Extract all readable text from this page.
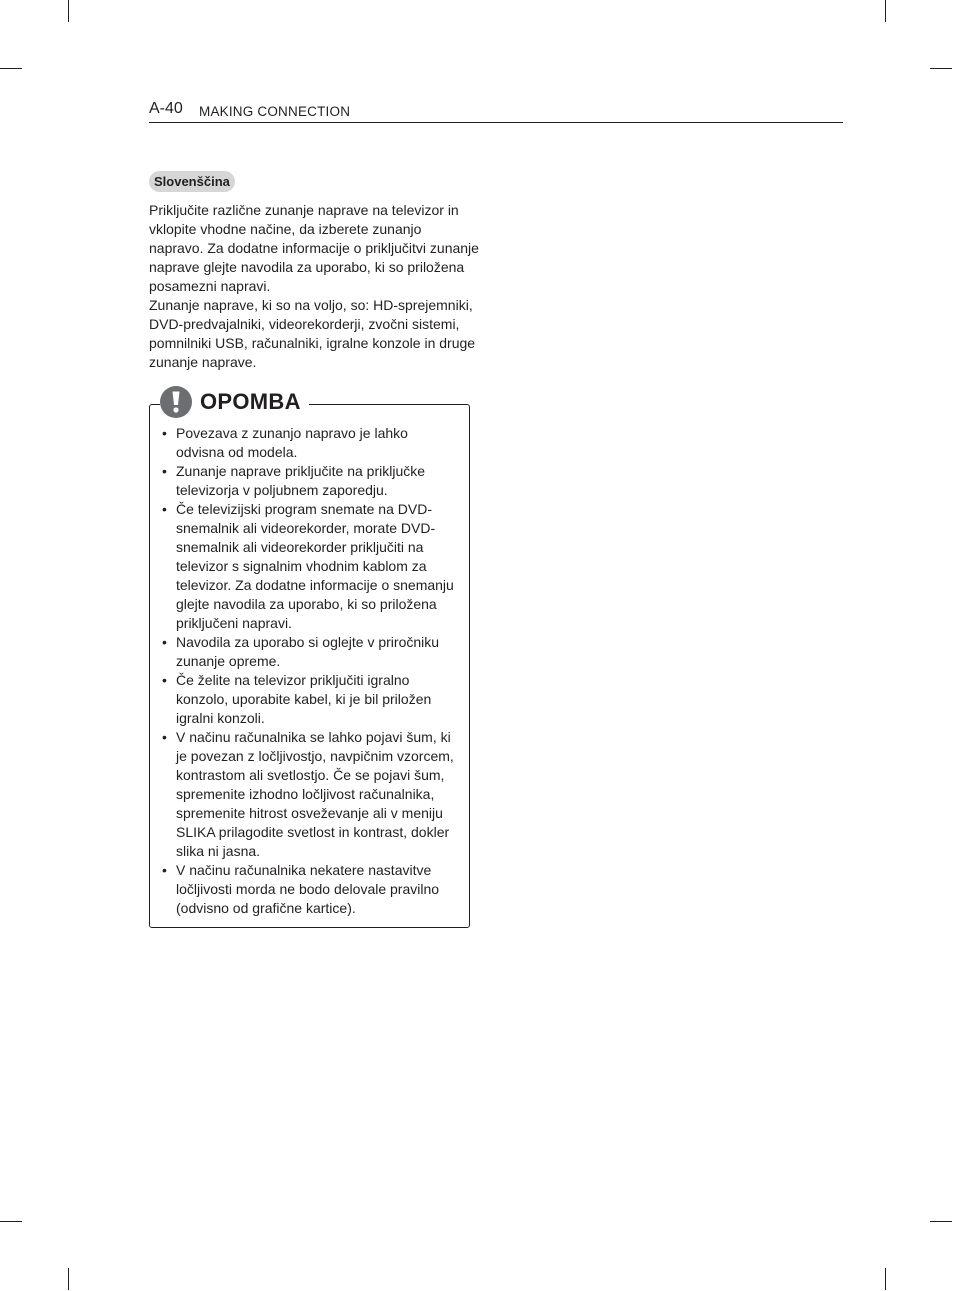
A-40 MAKING CONNECTION
Slovenščina

Priključite različne zunanje naprave na televizor in vklopite vhodne načine, da izberete zunanjo napravo. Za dodatne informacije o priključitvi zunanje naprave glejte navodila za uporabo, ki so priložena posamezni napravi.

Zunanje naprave, ki so na voljo, so: HD-sprejemniki, DVD-predvajalniki, videorekorderji, zvočni sistemi, pomnilniki USB, računalniki, igralne konzole in druge zunanje naprave.

OPOMBA
• Povezava z zunanjo napravo je lahko odvisna od modela.
• Zunanje naprave priključite na priključke televizorja v poljubnem zaporedju.
• Če televizijski program snemate na DVD-snemalnik ali videorekorder, morate DVD-snemalnik ali videorekorder priključiti na televizor s signalnim vhodnim kablom za televizor. Za dodatne informacije o snemanju glejte navodila za uporabo, ki so priložena priključeni napravi.
• Navodila za uporabo si oglejte v priročniku zunanje opreme.
• Če želite na televizor priključiti igralno konzolo, uporabite kabel, ki je bil priložen igralni konzoli.
• V načinu računalnika se lahko pojavi šum, ki je povezan z ločljivostjo, navpičnim vzorcem, kontrastom ali svetlostjo. Če se pojavi šum, spremenite izhodno ločljivost računalnika, spremenite hitrost osveževanje ali v meniju SLIKA prilagodite svetlost in kontrast, dokler slika ni jasna.
• V načinu računalnika nekatere nastavitve ločljivosti morda ne bodo delovale pravilno (odvisno od grafične kartice).
